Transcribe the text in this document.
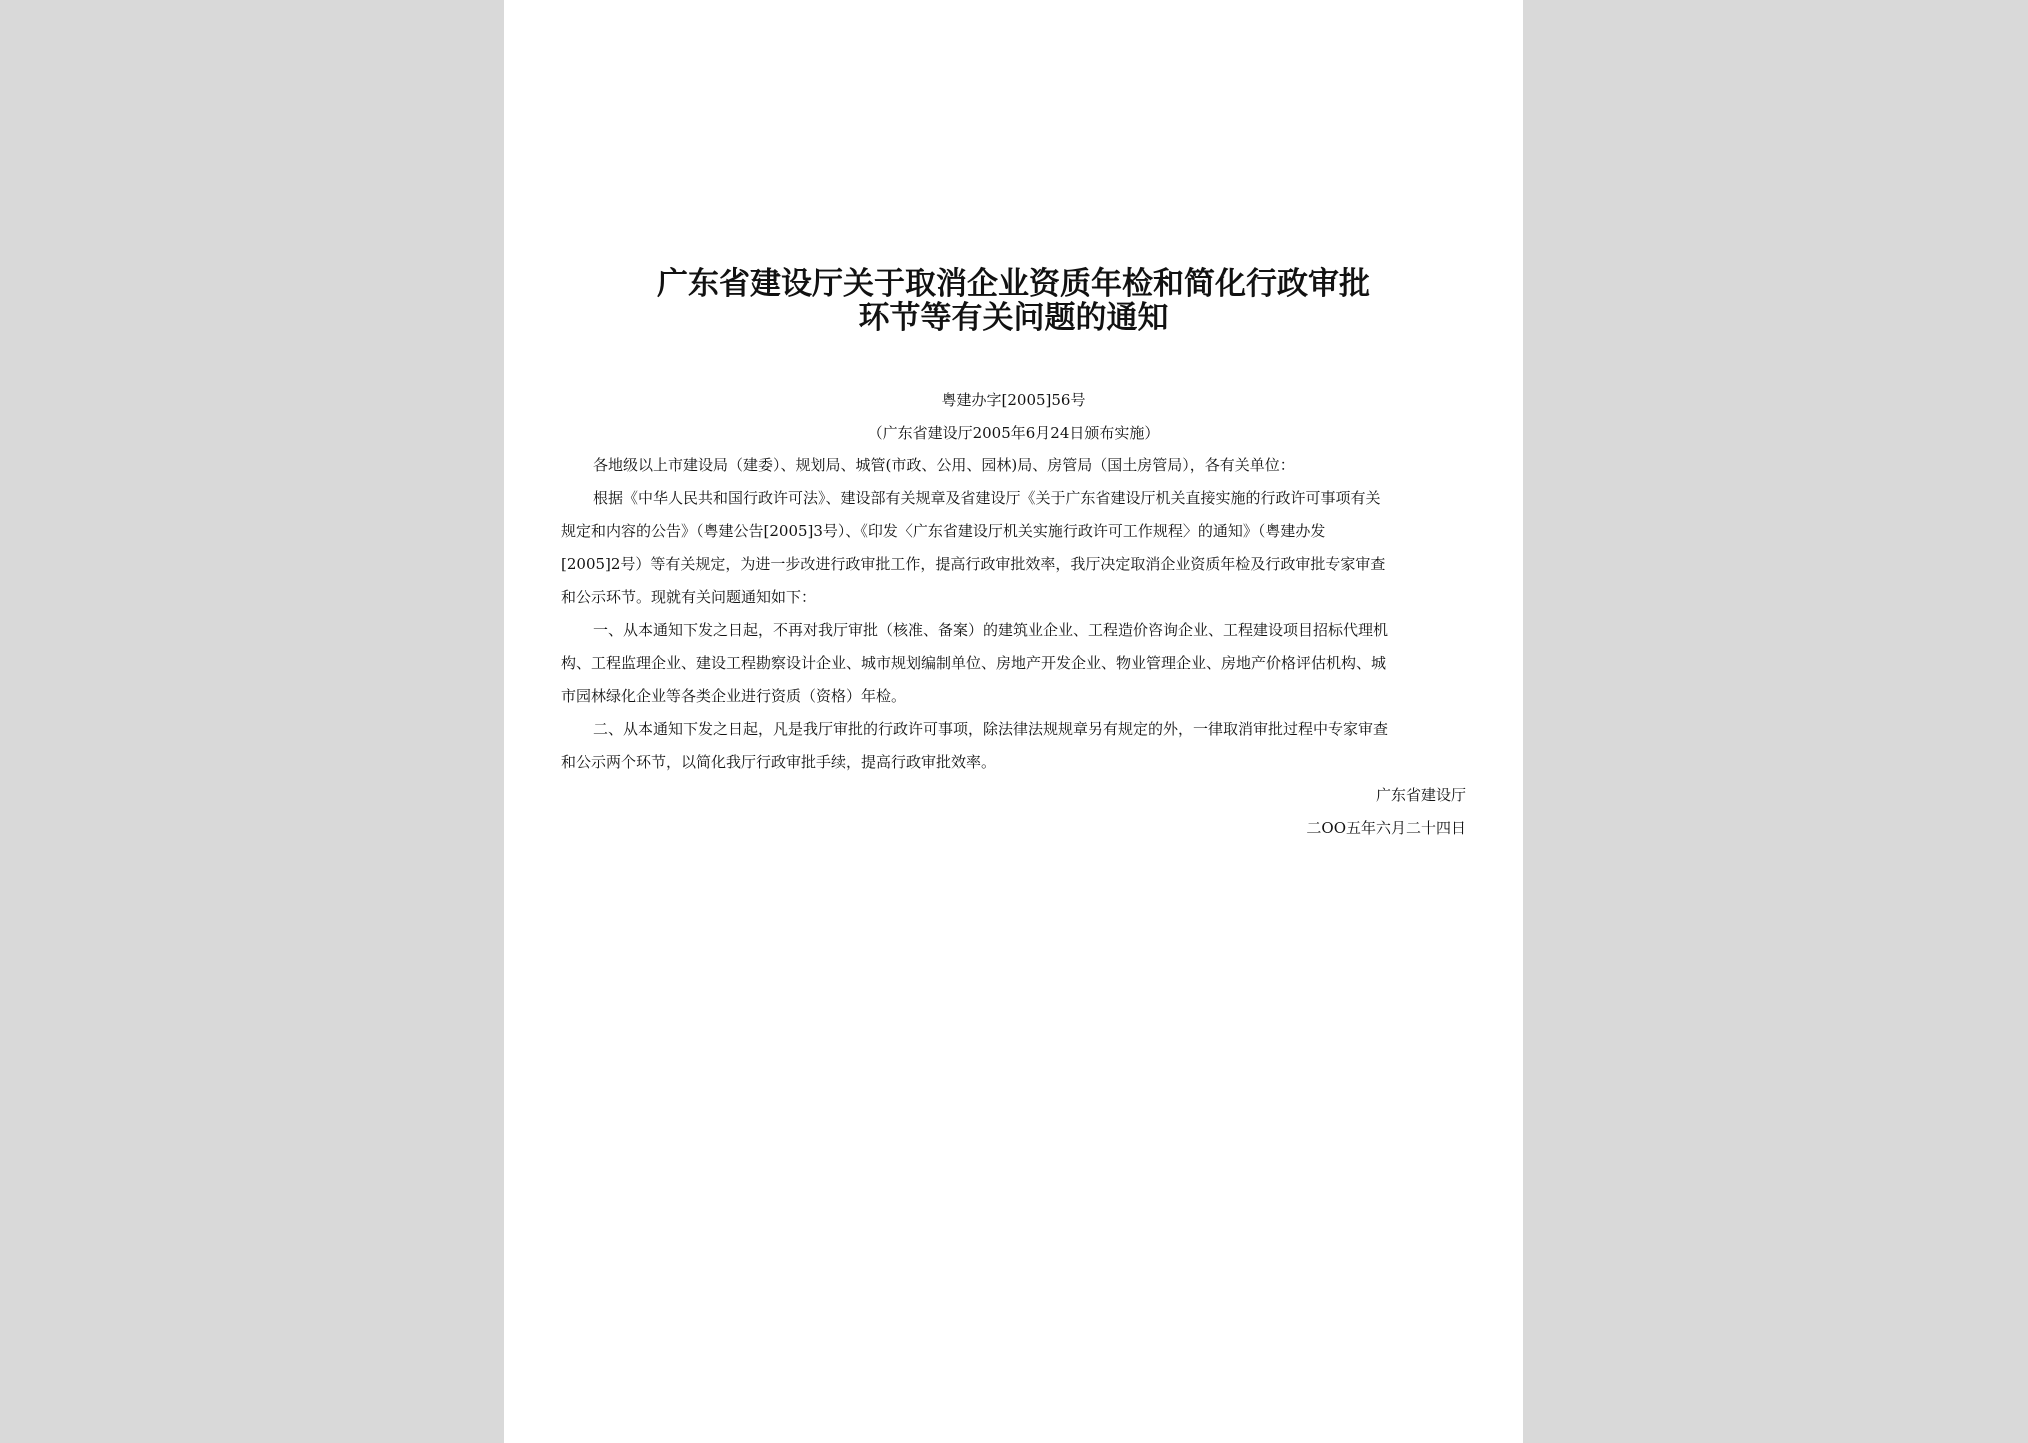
广东省建设厅关于取消企业资质年检和简化行政审批
环节等有关问题的通知
粤建办字[2005]56号
（广东省建设厅2005年6月24日颁布实施）
各地级以上市建设局（建委）、规划局、城管(市政、公用、园林)局、房管局（国土房管局），各有关单位：
根据《中华人民共和国行政许可法》、建设部有关规章及省建设厅《关于广东省建设厅机关直接实施的行政许可事项有关
规定和内容的公告》（粤建公告[2005]3号）、《印发〈广东省建设厅机关实施行政许可工作规程〉的通知》（粤建办发
[2005]2号）等有关规定，为进一步改进行政审批工作，提高行政审批效率，我厅决定取消企业资质年检及行政审批专家审查
和公示环节。现就有关问题通知如下：
一、从本通知下发之日起，不再对我厅审批（核准、备案）的建筑业企业、工程造价咨询企业、工程建设项目招标代理机
构、工程监理企业、建设工程勘察设计企业、城市规划编制单位、房地产开发企业、物业管理企业、房地产价格评估机构、城
市园林绿化企业等各类企业进行资质（资格）年检。
二、从本通知下发之日起，凡是我厅审批的行政许可事项，除法律法规规章另有规定的外，一律取消审批过程中专家审查
和公示两个环节，以简化我厅行政审批手续，提高行政审批效率。
广东省建设厅
二OO五年六月二十四日
